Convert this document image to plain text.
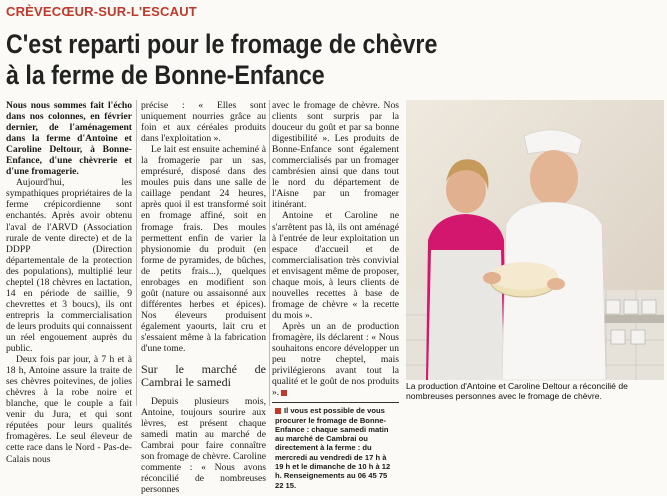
CRÈVECŒUR-SUR-L'ESCAUT
C'est reparti pour le fromage de chèvre à la ferme de Bonne-Enfance

Nous nous sommes fait l'écho dans nos colonnes, en février dernier, de l'aménagement dans la ferme d'Antoine et Caroline Deltour, à Bonne-Enfance, d'une chèvrerie et d'une fromagerie.

Aujourd'hui, les sympathiques propriétaires de la ferme crépicordienne sont enchantés. Après avoir obtenu l'aval de l'ARVD (Association rurale de vente directe) et de la DDPP (Direction départementale de la protection des populations), multiplié leur cheptel (18 chèvres en lactation, 14 en période de saillie, 9 chevrettes et 3 boucs), ils ont entrepris la commercialisation de leurs produits qui connaissent un réel engouement auprès du public.

Deux fois par jour, à 7 h et à 18 h, Antoine assure la traite de ses chèvres poitevines, de jolies chèvres à la robe noire et blanche, que le couple a fait venir du Jura, et qui sont réputées pour leurs qualités fromagères. Le seul éleveur de cette race dans le Nord - Pas-de-Calais nous

précise : « Elles sont uniquement nourries grâce au foin et aux céréales produits dans l'exploitation ».

Le lait est ensuite acheminé à la fromagerie par un sas, emprésuré, disposé dans des moules puis dans une salle de caillage pendant 24 heures, après quoi il est transformé soit en fromage affiné, soit en fromage frais. Des moules permettent enfin de varier la physionomie du produit (en forme de pyramides, de bûches, de petits frais...), quelques enrobages en modifient son goût (nature ou assaisonné aux différentes herbes et épices). Nos éleveurs produisent également yaourts, lait cru et s'essaient même à la fabrication d'une tome.

Sur le marché de Cambrai le samedi

Depuis plusieurs mois, Antoine, toujours sourire aux lèvres, est présent chaque samedi matin au marché de Cambrai pour faire connaître son fromage de chèvre. Caroline commente : « Nous avons réconcilié de nombreuses personnes

avec le fromage de chèvre. Nos clients sont surpris par la douceur du goût et par sa bonne digestibilité ». Les produits de Bonne-Enfance sont également commercialisés par un fromager cambrésien ainsi que dans tout le nord du département de l'Aisne par un fromager itinérant.

Antoine et Caroline ne s'arrêtent pas là, ils ont aménagé à l'entrée de leur exploitation un espace d'accueil et de commercialisation très convivial et envisagent même de proposer, chaque mois, à leurs clients de nouvelles recettes à base de fromage de chèvre « la recette du mois ».

Après un an de production fromagère, ils déclarent : « Nous souhaitons encore développer un peu notre cheptel, mais privilégierons avant tout la qualité et le goût de nos produits ».

Il vous est possible de vous procurer le fromage de Bonne-Enfance : chaque samedi matin au marché de Cambrai ou directement à la ferme : du mercredi au vendredi de 17 h à 19 h et le dimanche de 10 h à 12 h. Renseignements au 06 45 75 22 15.
La production d'Antoine et Caroline Deltour a réconcilié de nombreuses personnes avec le fromage de chèvre.
